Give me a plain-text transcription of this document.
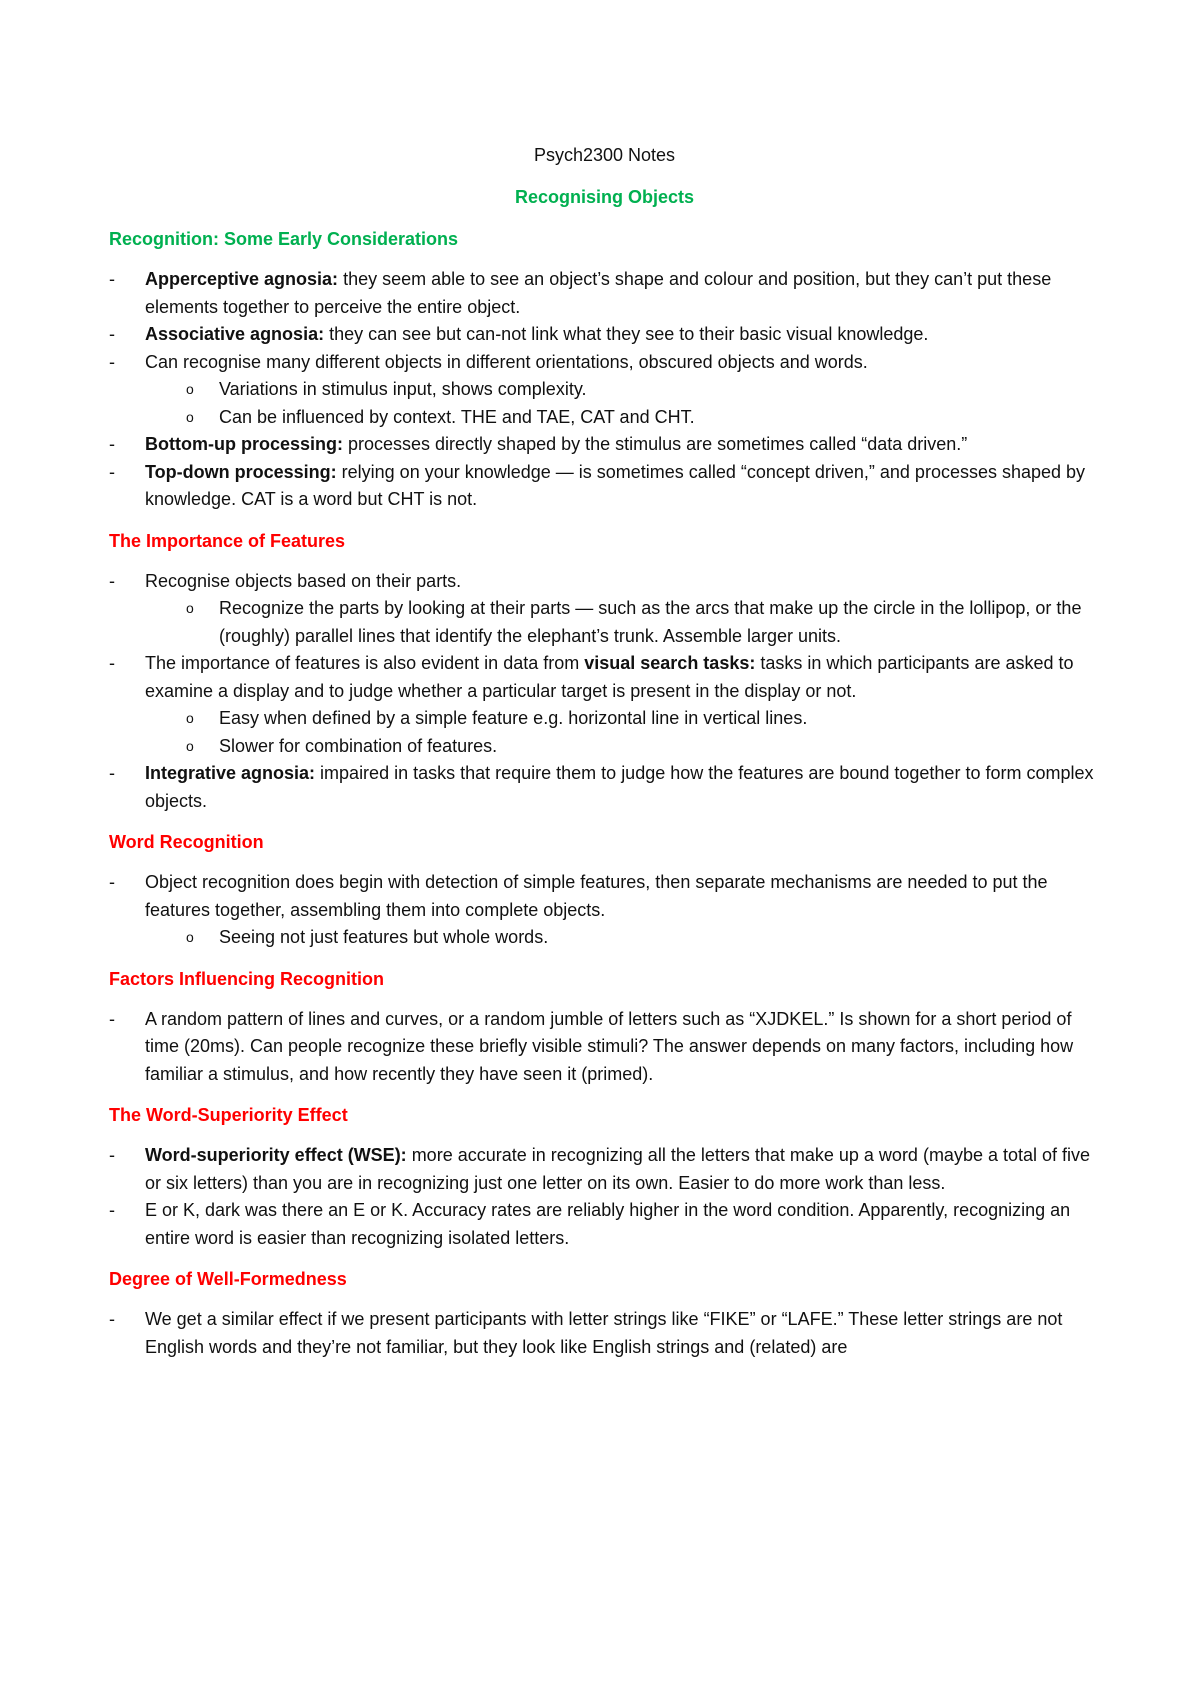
Psych2300 Notes
Recognising Objects
Recognition: Some Early Considerations
-	Apperceptive agnosia: they seem able to see an object’s shape and colour and position, but they can’t put these elements together to perceive the entire object.
-	Associative agnosia: they can see but can-not link what they see to their basic visual knowledge.
-	Can recognise many different objects in different orientations, obscured objects and words.
o	Variations in stimulus input, shows complexity.
o	Can be influenced by context. THE and TAE, CAT and CHT.
-	Bottom-up processing: processes directly shaped by the stimulus are sometimes called “data driven.”
-	Top-down processing: relying on your knowledge — is sometimes called “concept driven,” and processes shaped by knowledge. CAT is a word but CHT is not.
The Importance of Features
-	Recognise objects based on their parts.
o	Recognize the parts by looking at their parts — such as the arcs that make up the circle in the lollipop, or the (roughly) parallel lines that identify the elephant’s trunk. Assemble larger units.
-	The importance of features is also evident in data from visual search tasks: tasks in which participants are asked to examine a display and to judge whether a particular target is present in the display or not.
o	Easy when defined by a simple feature e.g. horizontal line in vertical lines.
o	Slower for combination of features.
-	Integrative agnosia: impaired in tasks that require them to judge how the features are bound together to form complex objects.
Word Recognition
-	Object recognition does begin with detection of simple features, then separate mechanisms are needed to put the features together, assembling them into complete objects.
o	Seeing not just features but whole words.
Factors Influencing Recognition
-	A random pattern of lines and curves, or a random jumble of letters such as “XJDKEL.” Is shown for a short period of time (20ms). Can people recognize these briefly visible stimuli? The answer depends on many factors, including how familiar a stimulus, and how recently they have seen it (primed).
The Word-Superiority Effect
-	Word-superiority effect (WSE): more accurate in recognizing all the letters that make up a word (maybe a total of five or six letters) than you are in recognizing just one letter on its own. Easier to do more work than less.
-	E or K, dark was there an E or K. Accuracy rates are reliably higher in the word condition. Apparently, recognizing an entire word is easier than recognizing isolated letters.
Degree of Well-Formedness
-	We get a similar effect if we present participants with letter strings like “FIKE” or “LAFE.” These letter strings are not English words and they’re not familiar, but they look like English strings and (related) are
